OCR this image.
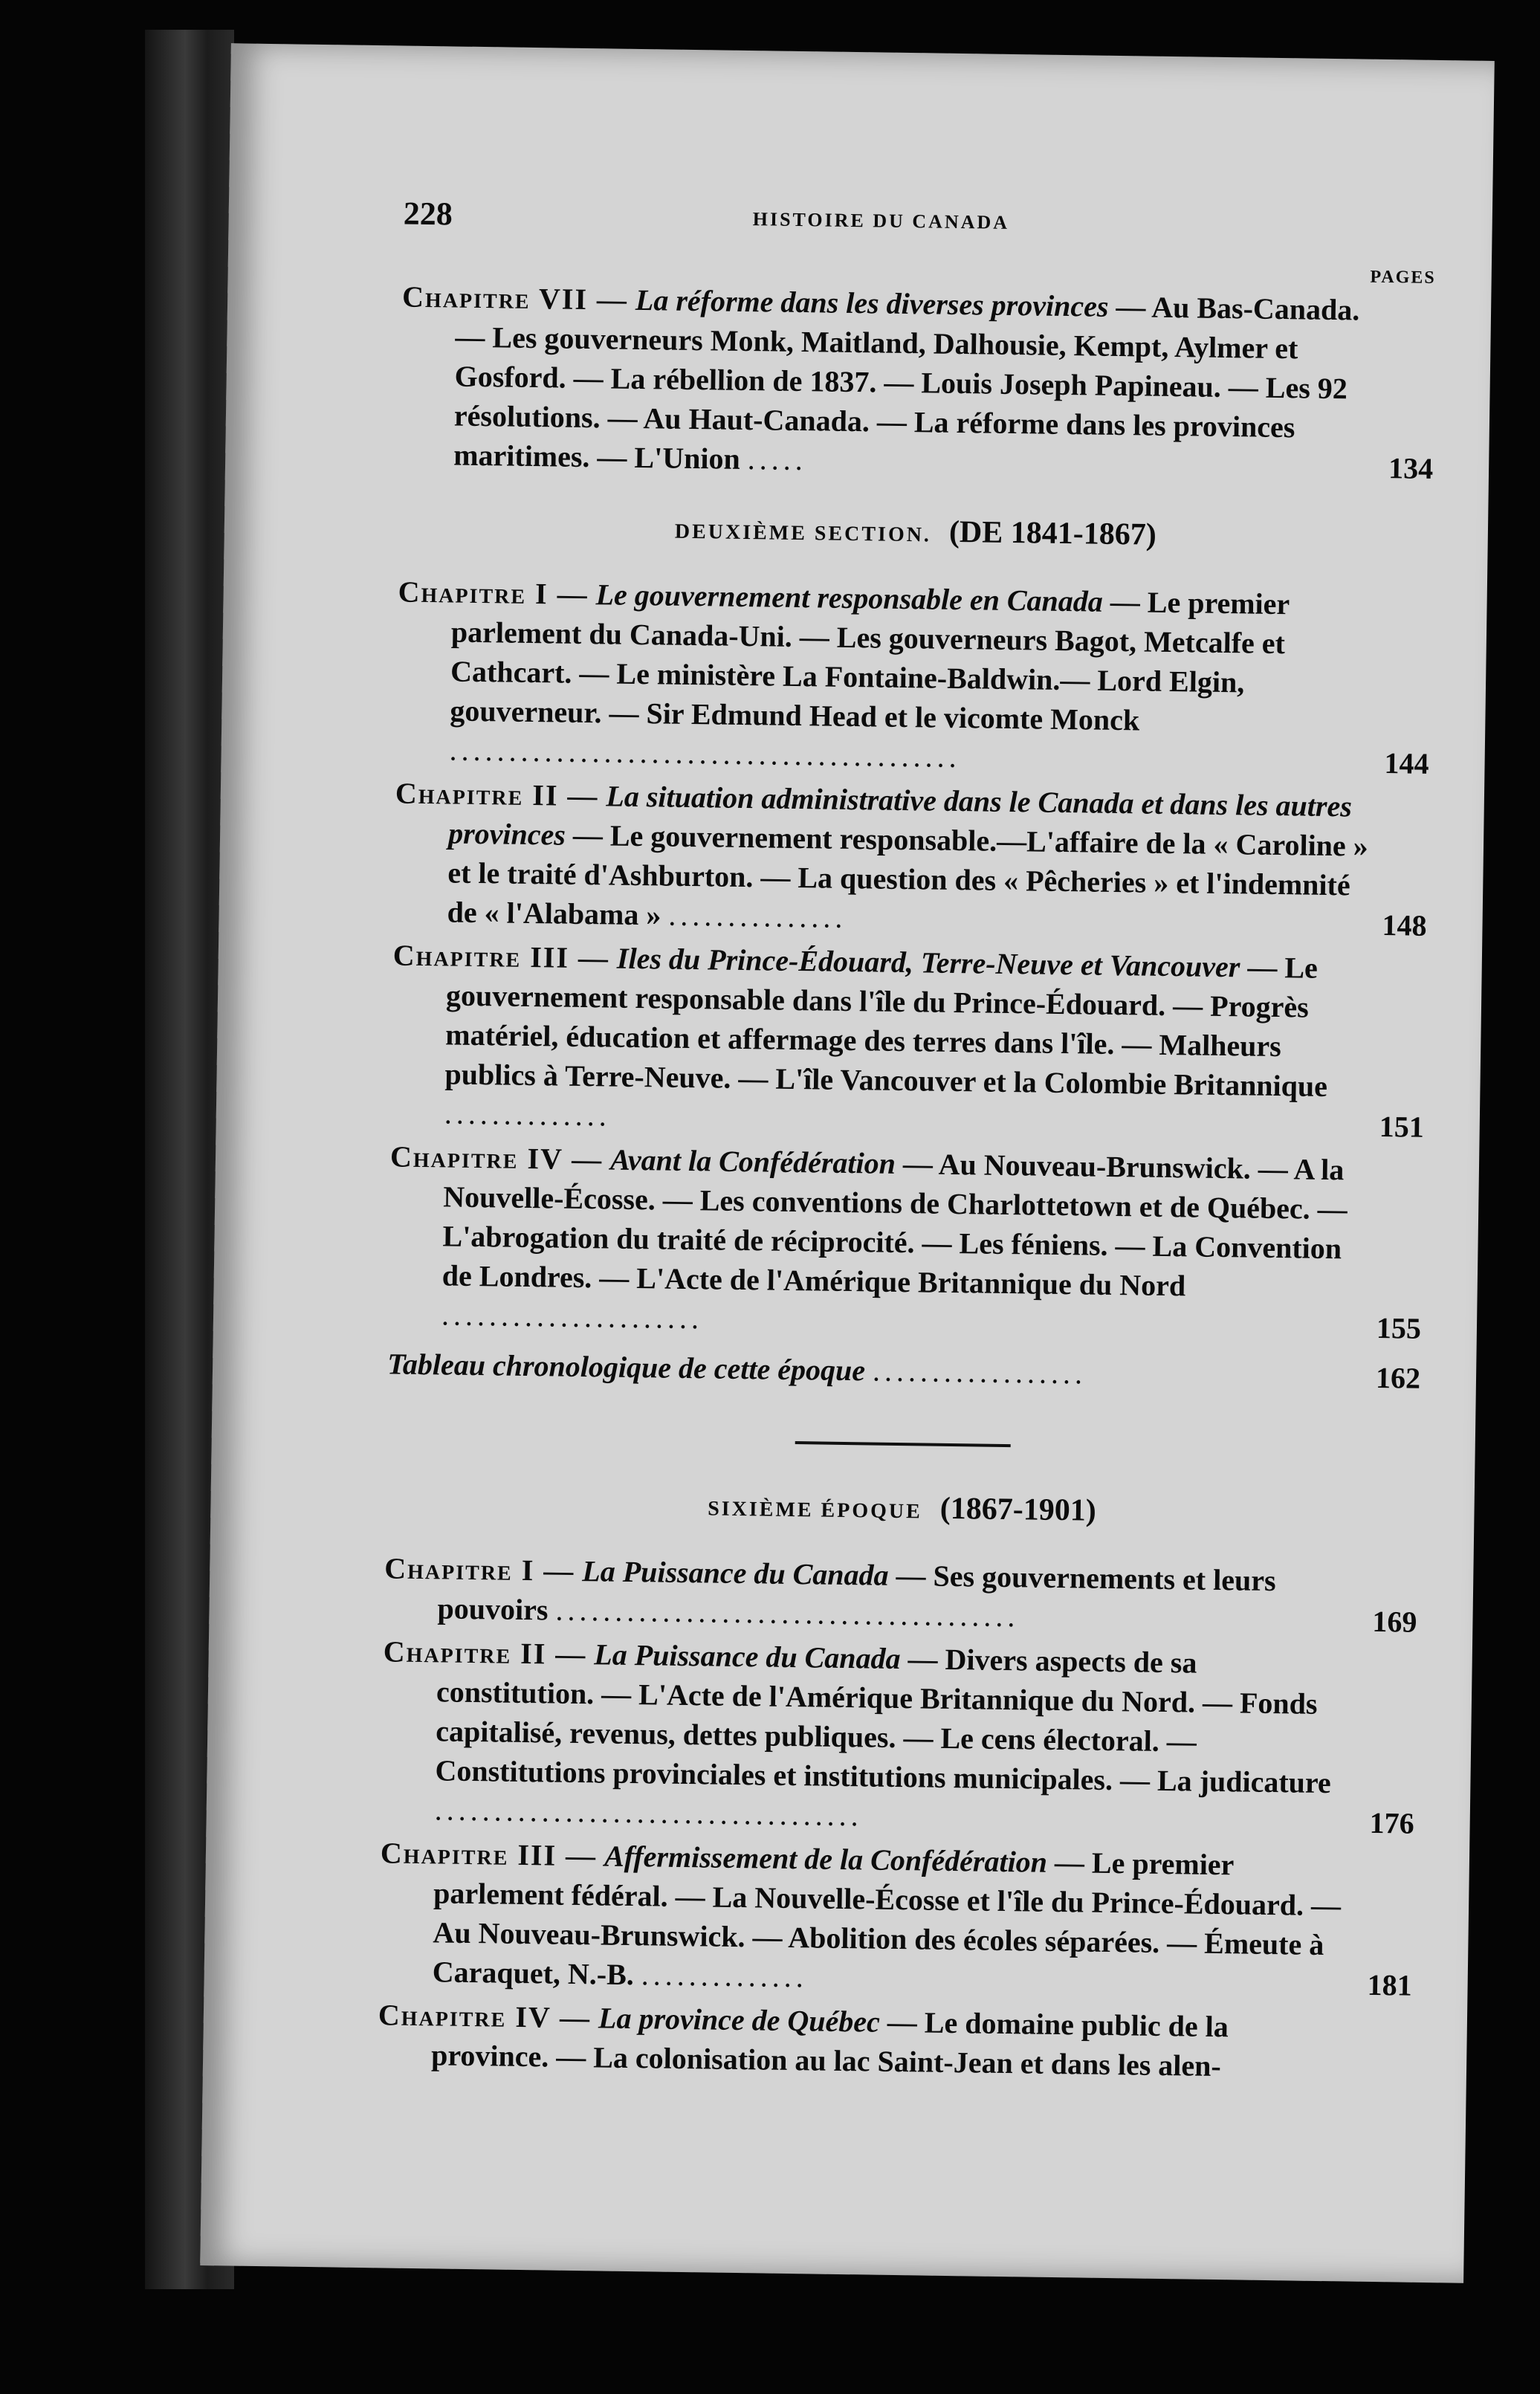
228	HISTOIRE DU CANADA
PAGES
Chapitre VII — La réforme dans les diverses provinces — Au Bas-Canada. — Les gouverneurs Monk, Maitland, Dalhousie, Kempt, Aylmer et Gosford. — La rébellion de 1837. — Louis Joseph Papineau. — Les 92 résolutions. — Au Haut-Canada. — La réforme dans les provinces maritimes. — L'Union .....	134
DEUXIÈME SECTION. (DE 1841-1867)
Chapitre I — Le gouvernement responsable en Canada — Le premier parlement du Canada-Uni. — Les gouverneurs Bagot, Metcalfe et Cathcart. — Le ministère La Fontaine-Baldwin.— Lord Elgin, gouverneur. — Sir Edmund Head et le vicomte Monck ...........................................	144
Chapitre II — La situation administrative dans le Canada et dans les autres provinces — Le gouvernement responsable.—L'affaire de la « Caroline » et le traité d'Ashburton. — La question des « Pêcheries » et l'indemnité de « l'Alabama » ...............	148
Chapitre III — Iles du Prince-Édouard, Terre-Neuve et Vancouver — Le gouvernement responsable dans l'île du Prince-Édouard. — Progrès matériel, éducation et affermage des terres dans l'île. — Malheurs publics à Terre-Neuve. — L'île Vancouver et la Colombie Britannique ..............	151
Chapitre IV — Avant la Confédération — Au Nouveau-Brunswick. — A la Nouvelle-Écosse. — Les conventions de Charlottetown et de Québec. — L'abrogation du traité de réciprocité. — Les féniens. — La Convention de Londres. — L'Acte de l'Amérique Britannique du Nord ......................	155
Tableau chronologique de cette époque ..................	162
SIXIÈME ÉPOQUE (1867-1901)
Chapitre I — La Puissance du Canada — Ses gouvernements et leurs pouvoirs .......................................	169
Chapitre II — La Puissance du Canada — Divers aspects de sa constitution. — L'Acte de l'Amérique Britannique du Nord. — Fonds capitalisé, revenus, dettes publiques. — Le cens électoral. — Constitutions provinciales et institutions municipales. — La judicature ....................................	176
Chapitre III — Affermissement de la Confédération — Le premier parlement fédéral. — La Nouvelle-Écosse et l'île du Prince-Édouard. — Au Nouveau-Brunswick. — Abolition des écoles séparées. — Émeute à Caraquet, N.-B. ..............	181
Chapitre IV — La province de Québec — Le domaine public de la province. — La colonisation au lac Saint-Jean et dans les alen-
